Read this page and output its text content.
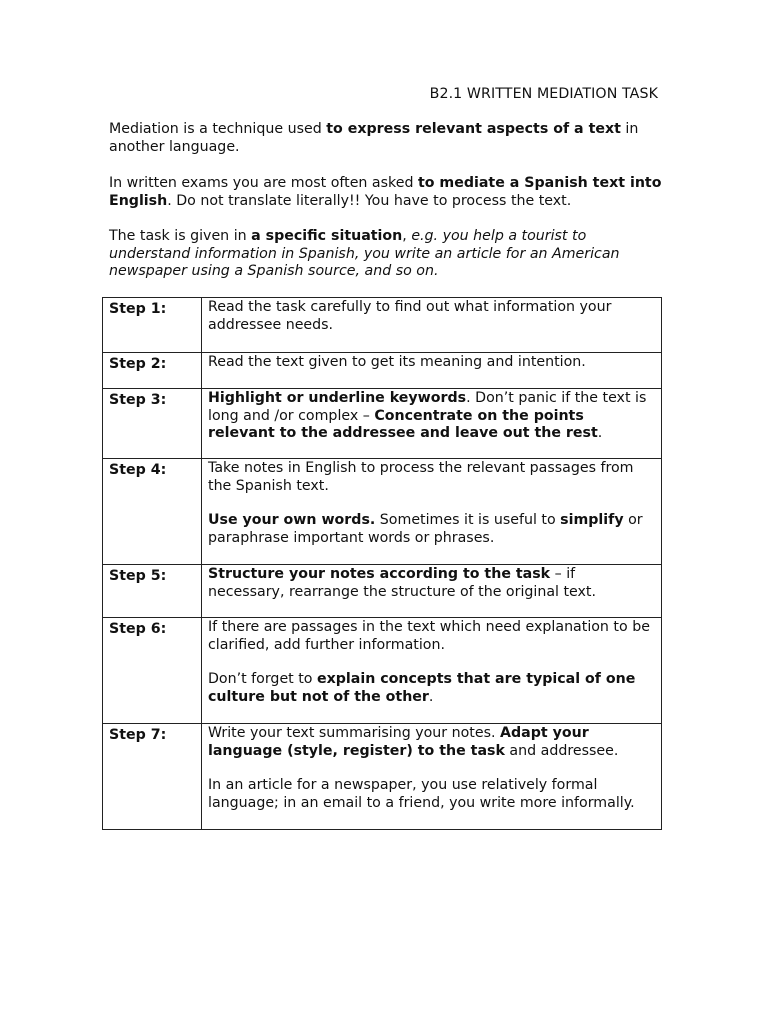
B2.1 WRITTEN MEDIATION TASK

Mediation is a technique used to express relevant aspects of a text in another language.

In written exams you are most often asked to mediate a Spanish text into English. Do not translate literally!! You have to process the text.

The task is given in a specific situation, e.g. you help a tourist to understand information in Spanish, you write an article for an American newspaper using a Spanish source, and so on.

Step 1:	Read the task carefully to find out what information your addressee needs.

Step 2:	Read the text given to get its meaning and intention.

Step 3:	Highlight or underline keywords. Don’t panic if the text is long and /or complex – Concentrate on the points relevant to the addressee and leave out the rest.

Step 4:	Take notes in English to process the relevant passages from the Spanish text.

Use your own words. Sometimes it is useful to simplify or paraphrase important words or phrases.

Step 5:	Structure your notes according to the task – if necessary, rearrange the structure of the original text.

Step 6:	If there are passages in the text which need explanation to be clarified, add further information.

Don’t forget to explain concepts that are typical of one culture but not of the other.

Step 7:	Write your text summarising your notes. Adapt your language (style, register) to the task and addressee.

In an article for a newspaper, you use relatively formal language; in an email to a friend, you write more informally.
